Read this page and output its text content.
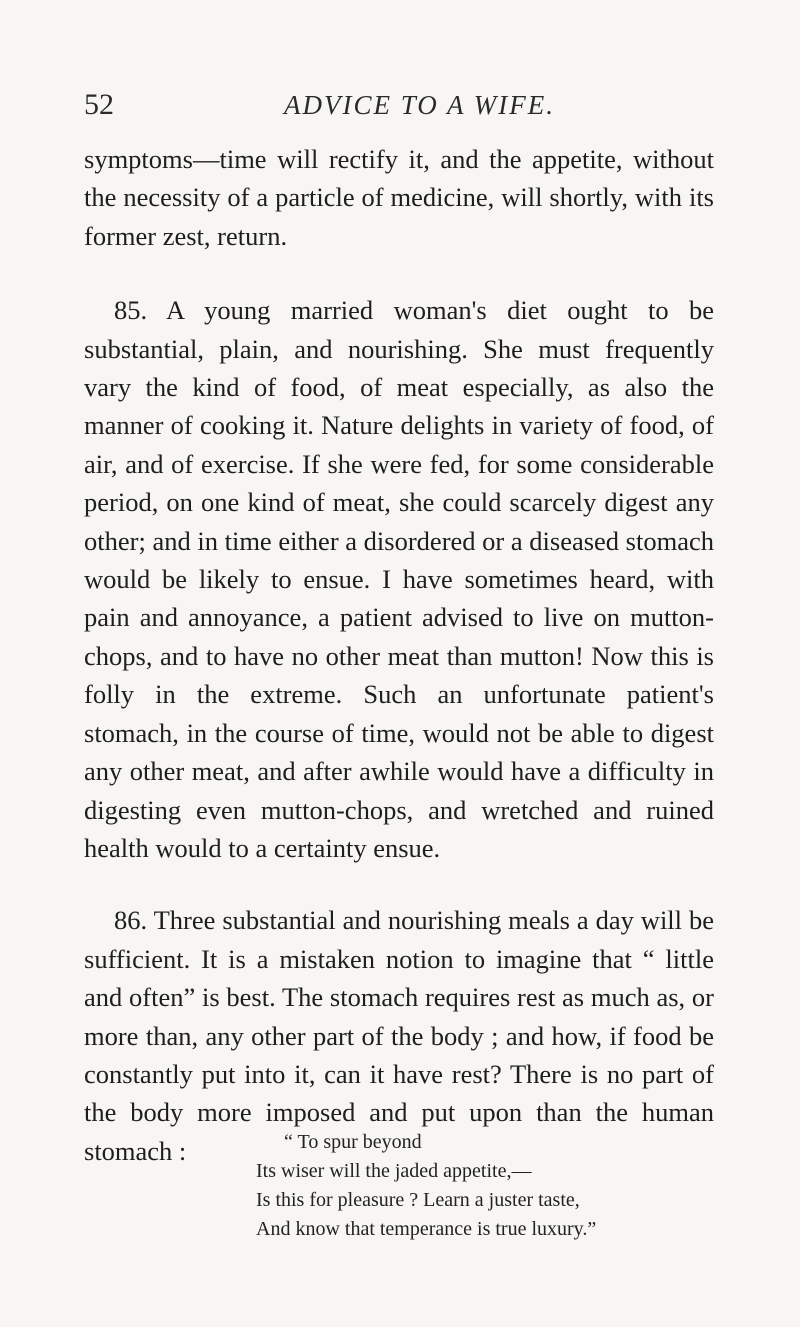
52	ADVICE TO A WIFE.

symptoms—time will rectify it, and the appetite, without the necessity of a particle of medicine, will shortly, with its former zest, return.

85. A young married woman's diet ought to be substantial, plain, and nourishing. She must frequently vary the kind of food, of meat especially, as also the manner of cooking it. Nature delights in variety of food, of air, and of exercise. If she were fed, for some considerable period, on one kind of meat, she could scarcely digest any other; and in time either a disordered or a diseased stomach would be likely to ensue. I have sometimes heard, with pain and annoyance, a patient advised to live on mutton-chops, and to have no other meat than mutton! Now this is folly in the extreme. Such an unfortunate patient's stomach, in the course of time, would not be able to digest any other meat, and after awhile would have a difficulty in digesting even mutton-chops, and wretched and ruined health would to a certainty ensue.

86. Three substantial and nourishing meals a day will be sufficient. It is a mistaken notion to imagine that “ little and often” is best. The stomach requires rest as much as, or more than, any other part of the body ; and how, if food be constantly put into it, can it have rest? There is no part of the body more imposed and put upon than the human stomach :	“ To spur beyond
Its wiser will the jaded appetite,—
Is this for pleasure ? Learn a juster taste,
And know that temperance is true luxury.”
